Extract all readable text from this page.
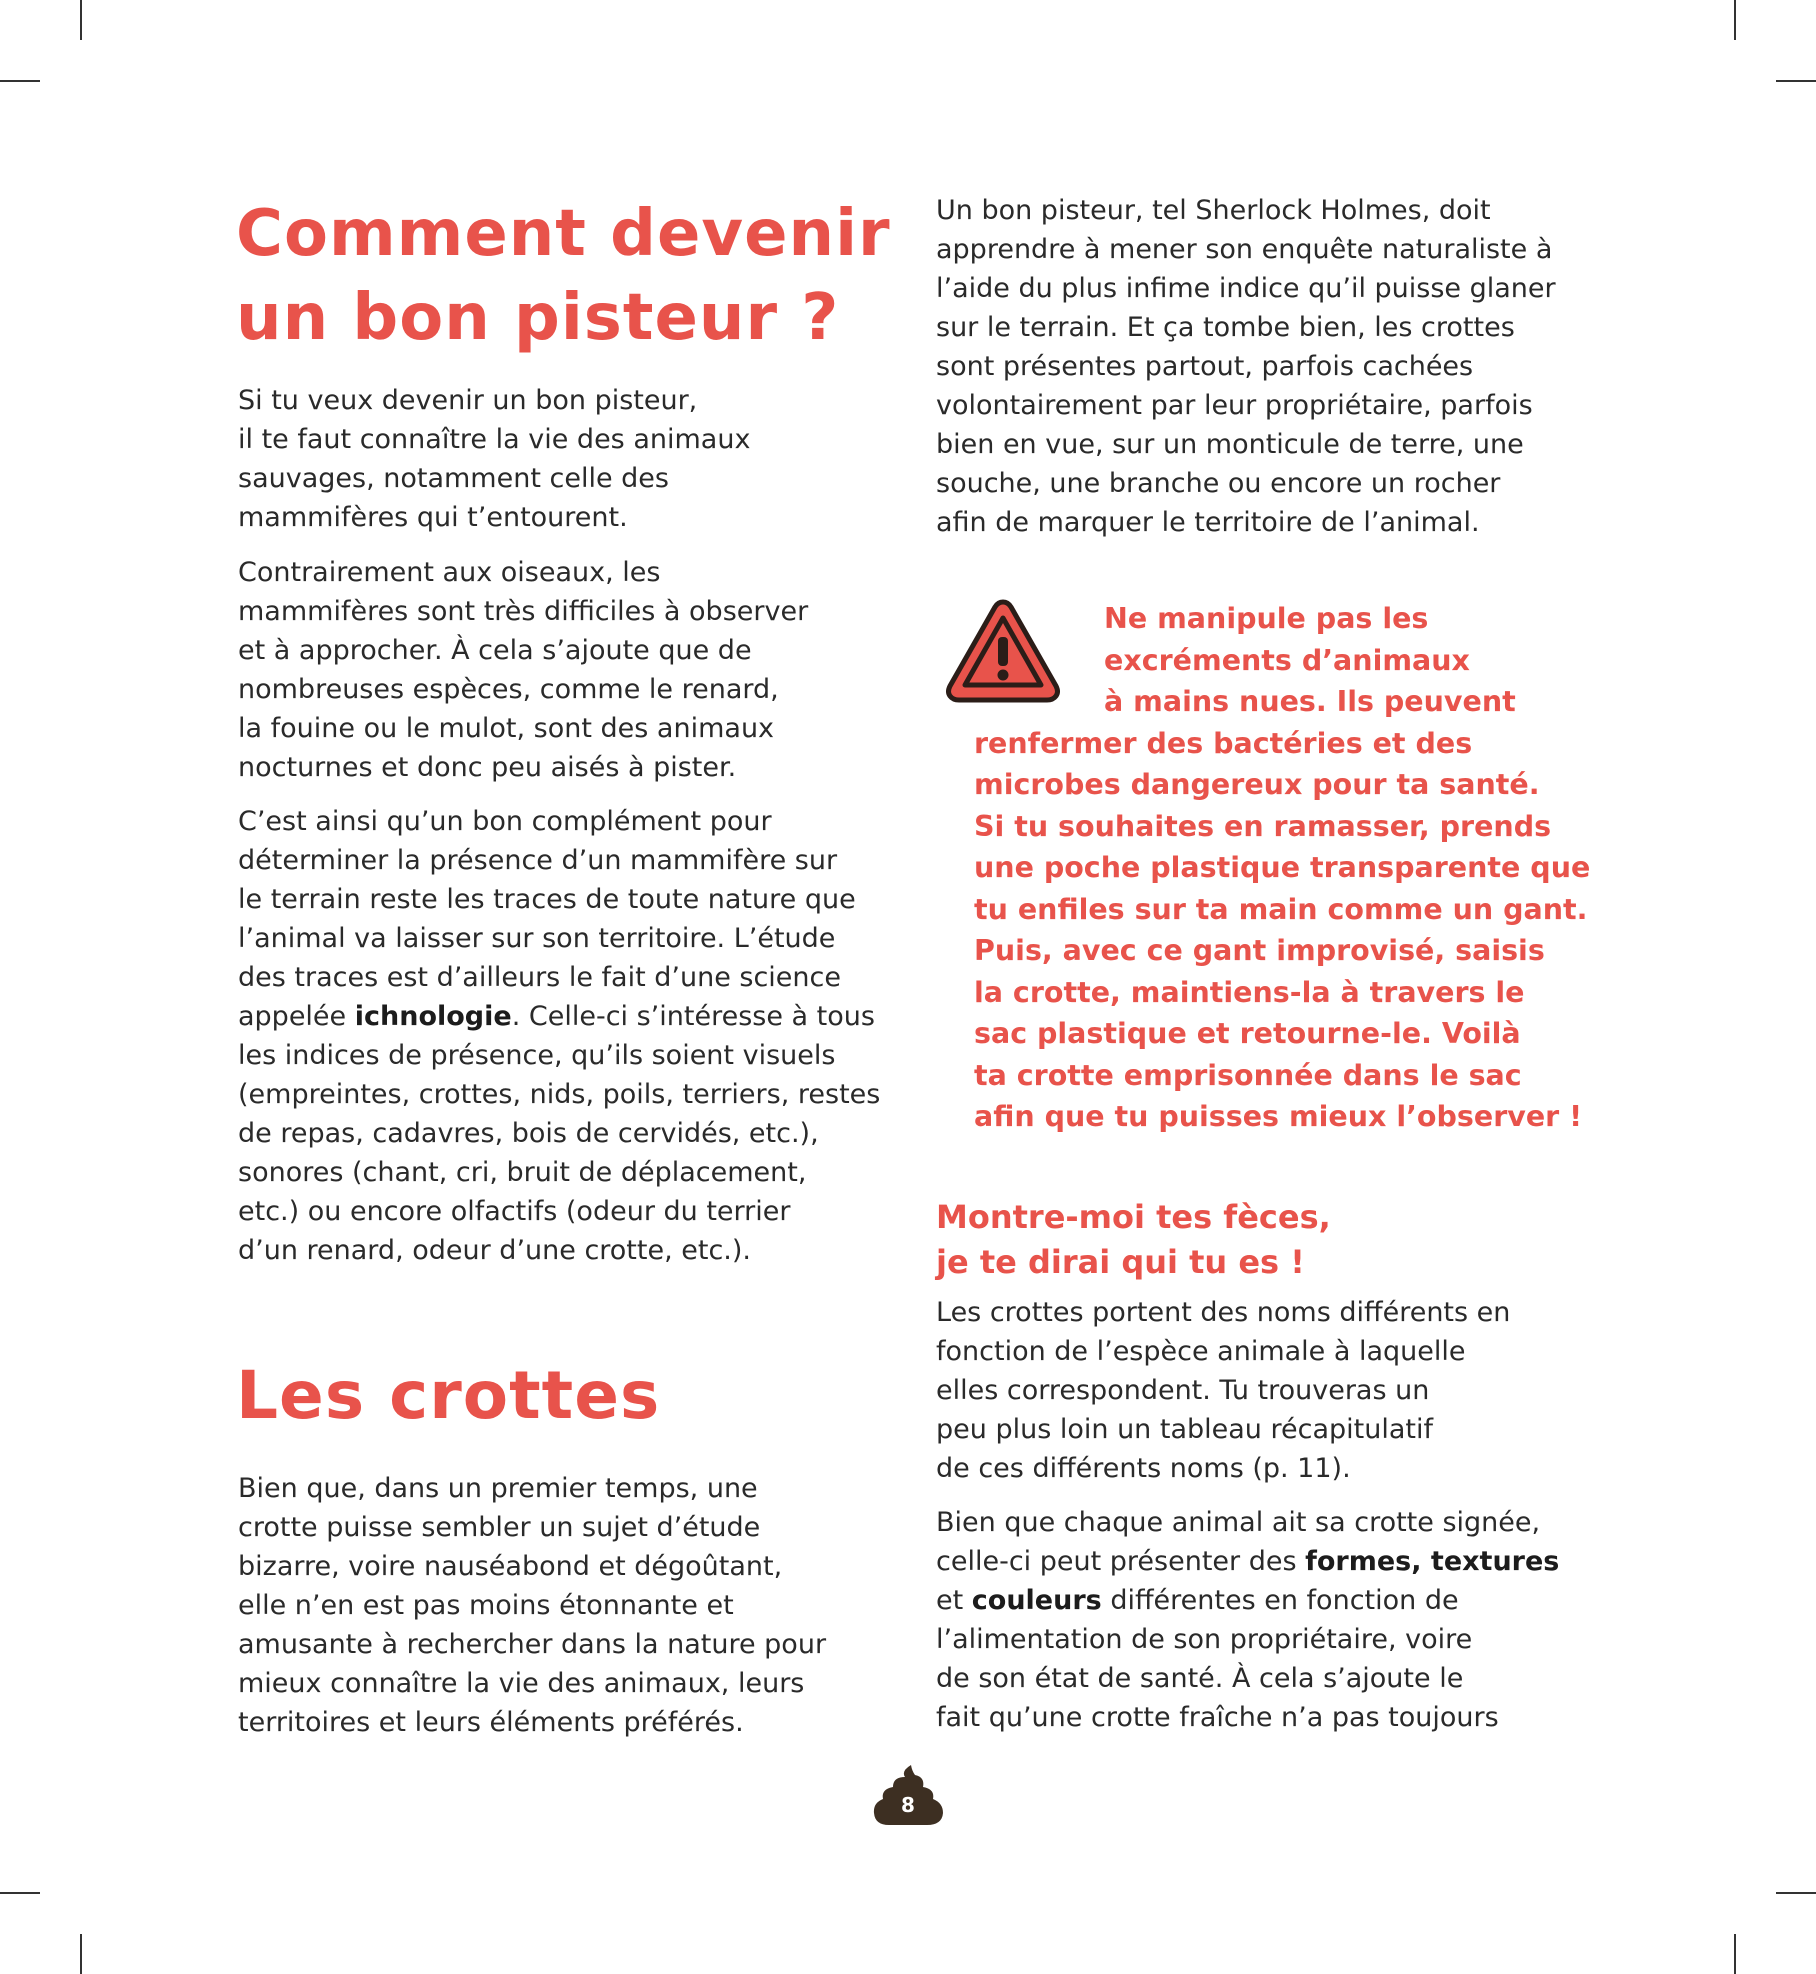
Comment devenir
un bon pisteur ?

Si tu veux devenir un bon pisteur,
il te faut connaître la vie des animaux
sauvages, notamment celle des
mammifères qui t’entourent.

Contrairement aux oiseaux, les
mammifères sont très difficiles à observer
et à approcher. À cela s’ajoute que de
nombreuses espèces, comme le renard,
la fouine ou le mulot, sont des animaux
nocturnes et donc peu aisés à pister.

C’est ainsi qu’un bon complément pour
déterminer la présence d’un mammifère sur
le terrain reste les traces de toute nature que
l’animal va laisser sur son territoire. L’étude
des traces est d’ailleurs le fait d’une science
appelée ichnologie. Celle-ci s’intéresse à tous
les indices de présence, qu’ils soient visuels
(empreintes, crottes, nids, poils, terriers, restes
de repas, cadavres, bois de cervidés, etc.),
sonores (chant, cri, bruit de déplacement,
etc.) ou encore olfactifs (odeur du terrier
d’un renard, odeur d’une crotte, etc.).

Les crottes

Bien que, dans un premier temps, une
crotte puisse sembler un sujet d’étude
bizarre, voire nauséabond et dégoûtant,
elle n’en est pas moins étonnante et
amusante à rechercher dans la nature pour
mieux connaître la vie des animaux, leurs
territoires et leurs éléments préférés.

Un bon pisteur, tel Sherlock Holmes, doit
apprendre à mener son enquête naturaliste à
l’aide du plus infime indice qu’il puisse glaner
sur le terrain. Et ça tombe bien, les crottes
sont présentes partout, parfois cachées
volontairement par leur propriétaire, parfois
bien en vue, sur un monticule de terre, une
souche, une branche ou encore un rocher
afin de marquer le territoire de l’animal.

Ne manipule pas les
excréments d’animaux
à mains nues. Ils peuvent
renfermer des bactéries et des
microbes dangereux pour ta santé.
Si tu souhaites en ramasser, prends
une poche plastique transparente que
tu enfiles sur ta main comme un gant.
Puis, avec ce gant improvisé, saisis
la crotte, maintiens-la à travers le
sac plastique et retourne-le. Voilà
ta crotte emprisonnée dans le sac
afin que tu puisses mieux l’observer !
Montre-moi tes fèces,
je te dirai qui tu es !

Les crottes portent des noms différents en
fonction de l’espèce animale à laquelle
elles correspondent. Tu trouveras un
peu plus loin un tableau récapitulatif
de ces différents noms (p. 11).

Bien que chaque animal ait sa crotte signée,
celle-ci peut présenter des formes, textures
et couleurs différentes en fonction de
l’alimentation de son propriétaire, voire
de son état de santé. À cela s’ajoute le
fait qu’une crotte fraîche n’a pas toujours

8
